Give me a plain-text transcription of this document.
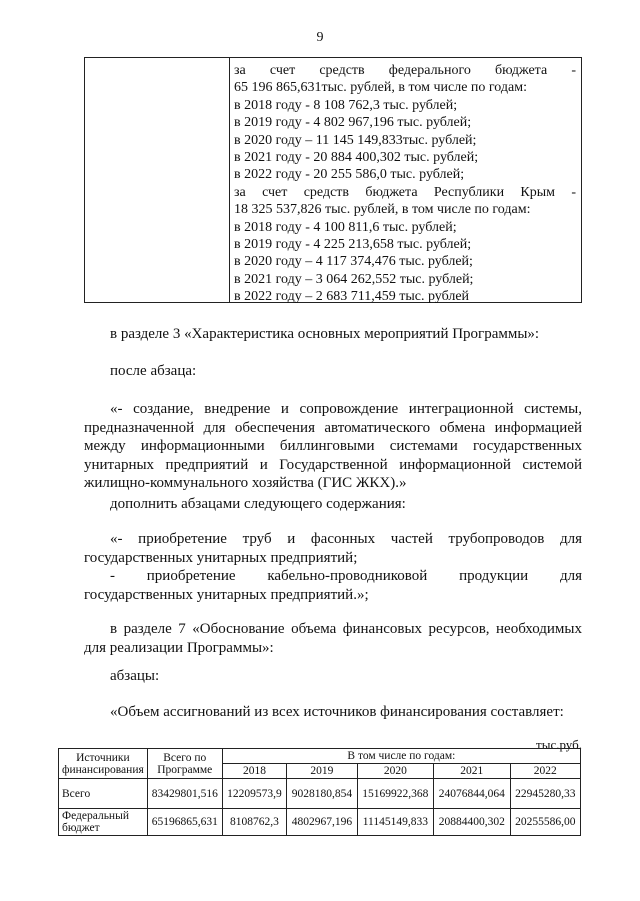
9
за счет средств федерального бюджета -
65 196 865,631тыс. рублей, в том числе по годам:
в 2018 году - 8 108 762,3 тыс. рублей;
в 2019 году - 4 802 967,196 тыс. рублей;
в 2020 году – 11 145 149,833тыс. рублей;
в 2021 году - 20 884 400,302 тыс. рублей;
в 2022 году - 20 255 586,0 тыс. рублей;
за счет средств бюджета Республики Крым -
18 325 537,826 тыс. рублей, в том числе по годам:
в 2018 году - 4 100 811,6 тыс. рублей;
в 2019 году - 4 225 213,658 тыс. рублей;
в 2020 году – 4 117 374,476 тыс. рублей;
в 2021 году – 3 064 262,552 тыс. рублей;
в 2022 году – 2 683 711,459 тыс. рублей
в разделе 3 «Характеристика основных мероприятий Программы»:
после абзаца:
«- создание, внедрение и сопровождение интеграционной системы,
предназначенной для обеспечения автоматического обмена информацией
между информационными биллинговыми системами государственных
унитарных предприятий и Государственной информационной системой
жилищно-коммунального хозяйства (ГИС ЖКХ).»
дополнить абзацами следующего содержания:
«- приобретение труб и фасонных частей трубопроводов для
государственных унитарных предприятий;
- приобретение кабельно-проводниковой продукции для
государственных унитарных предприятий.»;
в разделе 7 «Обоснование объема финансовых ресурсов, необходимых
для реализации Программы»:
абзацы:
«Объем ассигнований из всех источников финансирования составляет:
тыс.руб.
Источники финансирования	Всего по Программе	В том числе по годам:				
		2018	2019	2020	2021	2022
Всего	83429801,516	12209573,9	9028180,854	15169922,368	24076844,064	22945280,33
Федеральный бюджет	65196865,631	8108762,3	4802967,196	11145149,833	20884400,302	20255586,00
